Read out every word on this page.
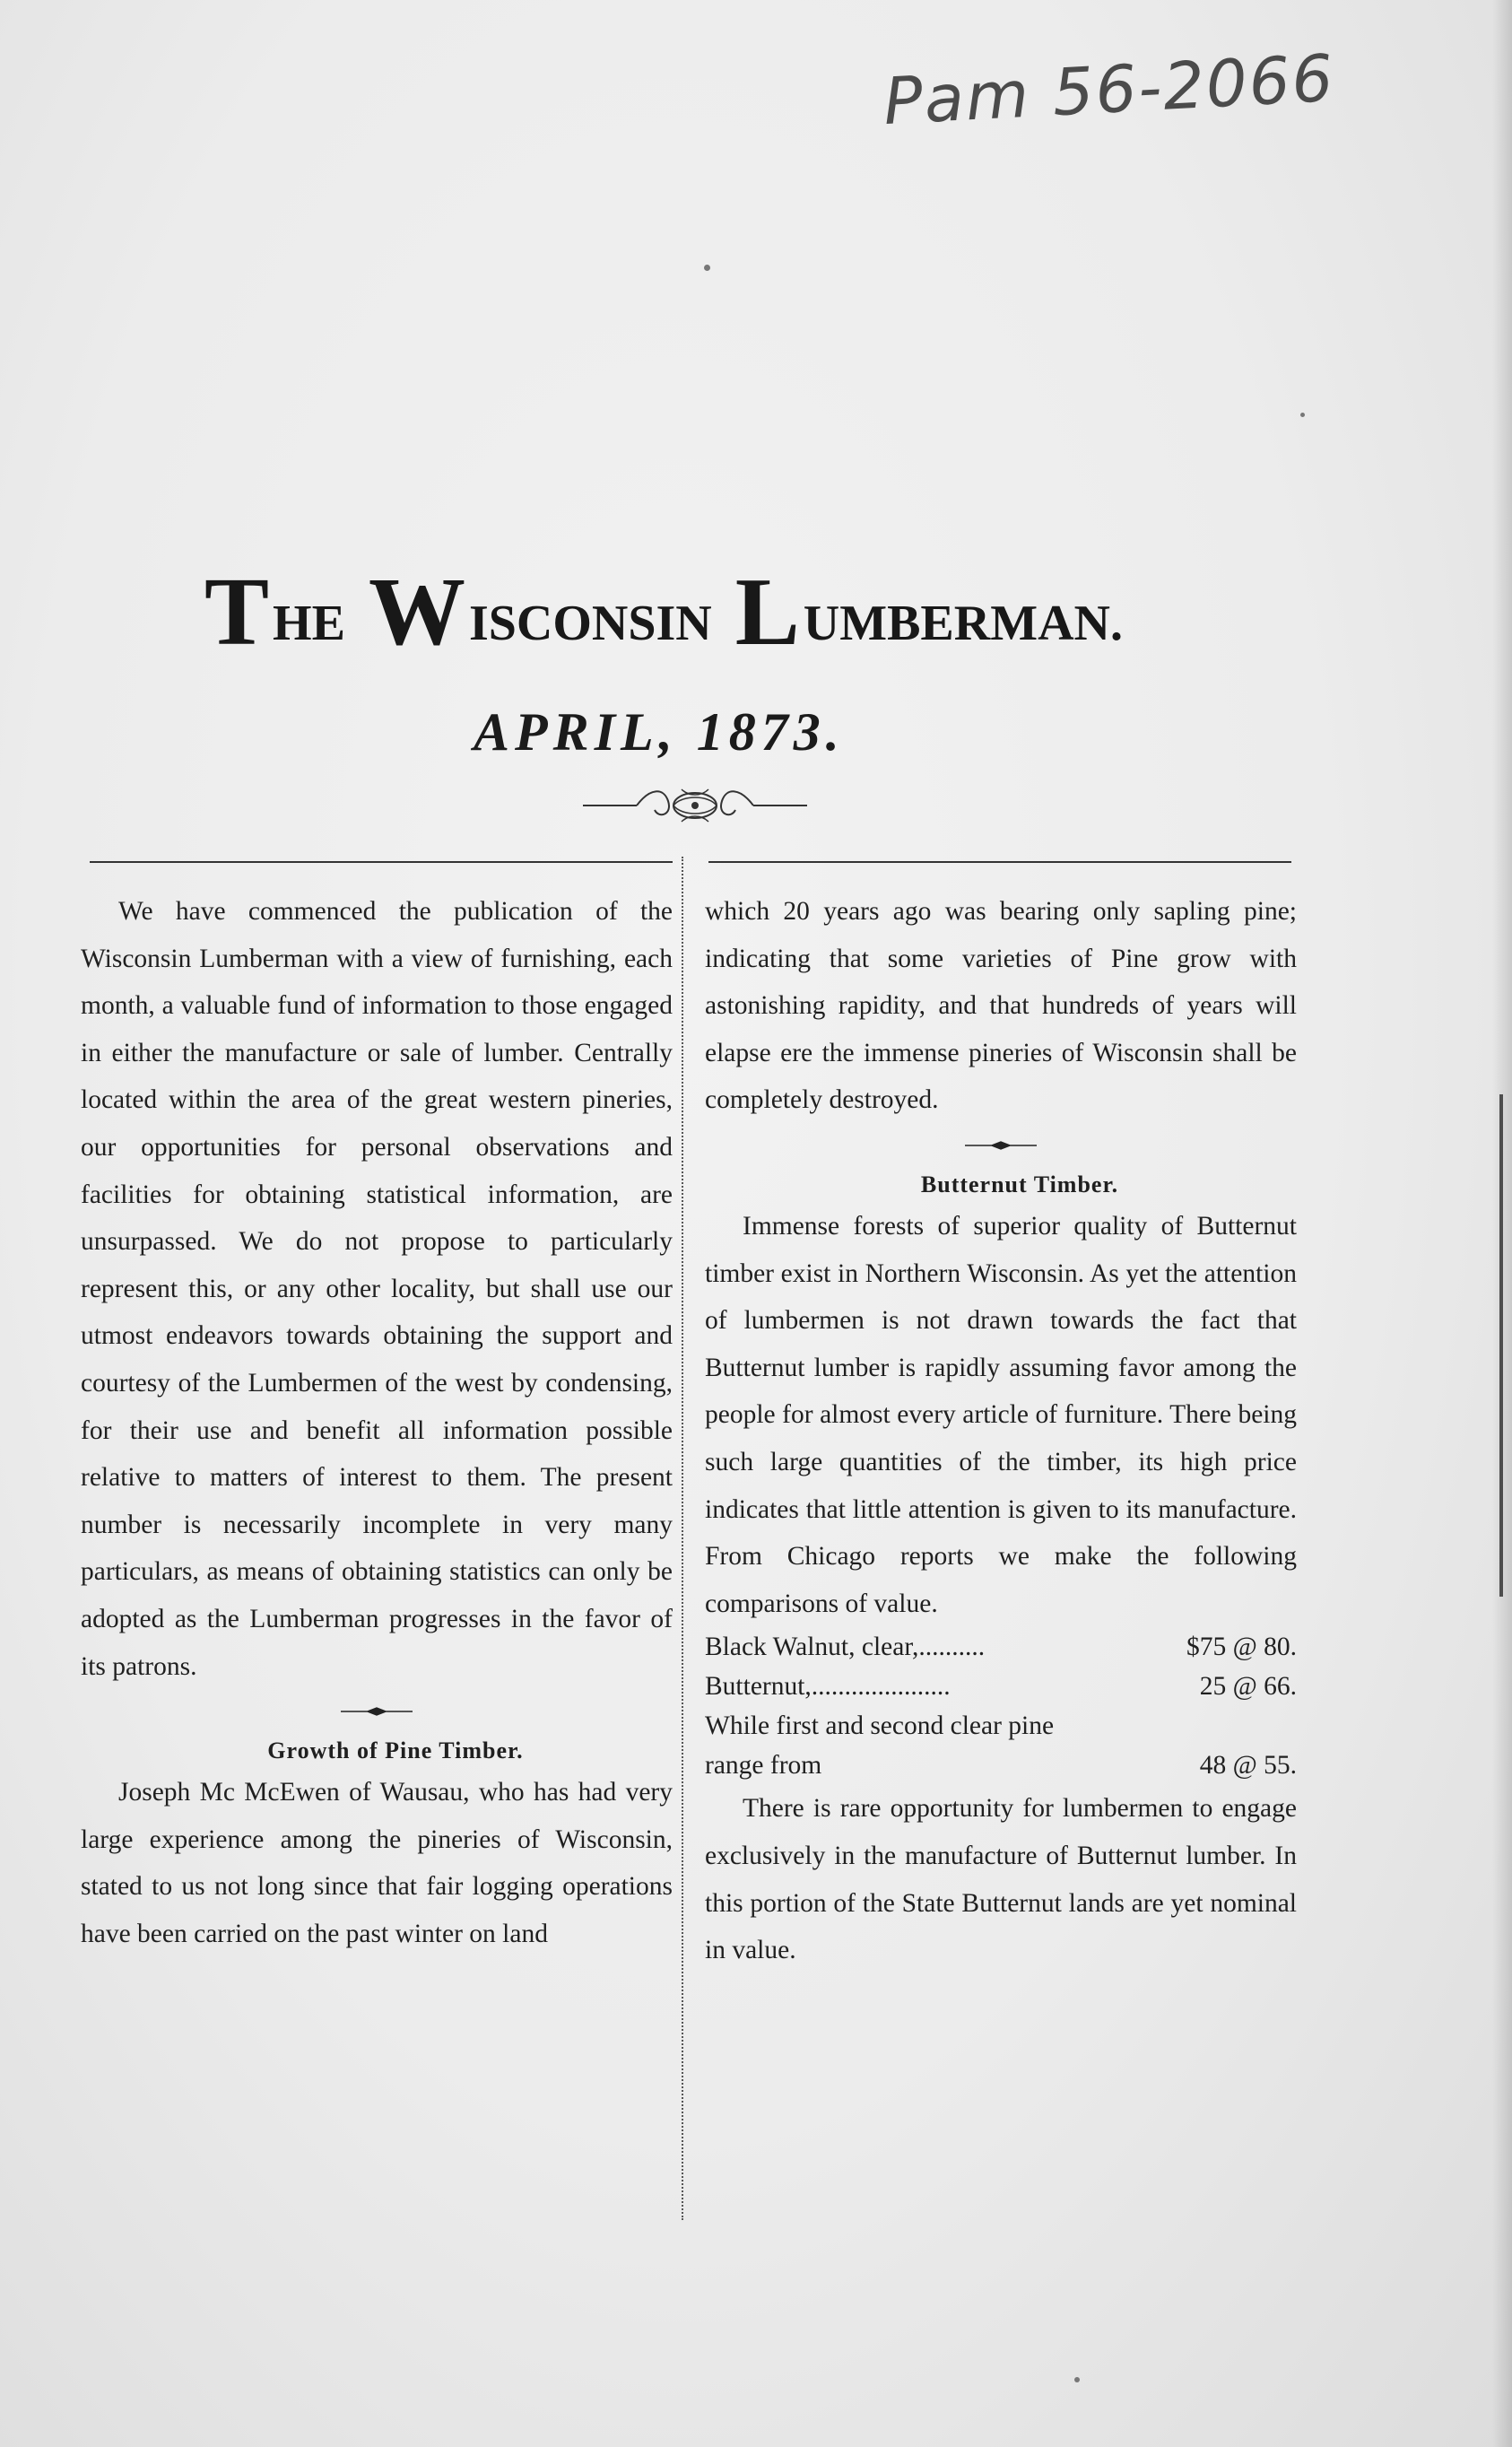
Pam 56-2066
T HE W ISCONSIN L UMBERMAN.
APRIL, 1873.

We have commenced the publication of the Wisconsin Lumberman with a view of furnishing, each month, a valuable fund of information to those engaged in either the manufacture or sale of lumber. Centrally located within the area of the great western pineries, our opportunities for personal observations and facilities for obtaining statistical information, are unsurpassed. We do not propose to particularly represent this, or any other locality, but shall use our utmost endeavors towards obtaining the support and courtesy of the Lumbermen of the west by condensing, for their use and benefit all information possible relative to matters of interest to them. The present number is necessarily incomplete in very many particulars, as means of obtaining statistics can only be adopted as the Lumberman progresses in the favor of its patrons.

Growth of Pine Timber.

Joseph Mc McEwen of Wausau, who has had very large experience among the pineries of Wisconsin, stated to us not long since that fair logging operations have been carried on the past winter on land

which 20 years ago was bearing only sapling pine; indicating that some varieties of Pine grow with astonishing rapidity, and that hundreds of years will elapse ere the immense pineries of Wisconsin shall be completely destroyed.

Butternut Timber.

Immense forests of superior quality of Butternut timber exist in Northern Wisconsin. As yet the attention of lumbermen is not drawn towards the fact that Butternut lumber is rapidly assuming favor among the people for almost every article of furniture. There being such large quantities of the timber, its high price indicates that little attention is given to its manufacture. From Chicago reports we make the following comparisons of value.

Black Walnut, clear,..........	$75 @ 80.
Butternut,.....................	25 @ 66.
While first and second clear pine	
range from	48 @ 55.

There is rare opportunity for lumbermen to engage exclusively in the manufacture of Butternut lumber. In this portion of the State Butternut lands are yet nominal in value.
